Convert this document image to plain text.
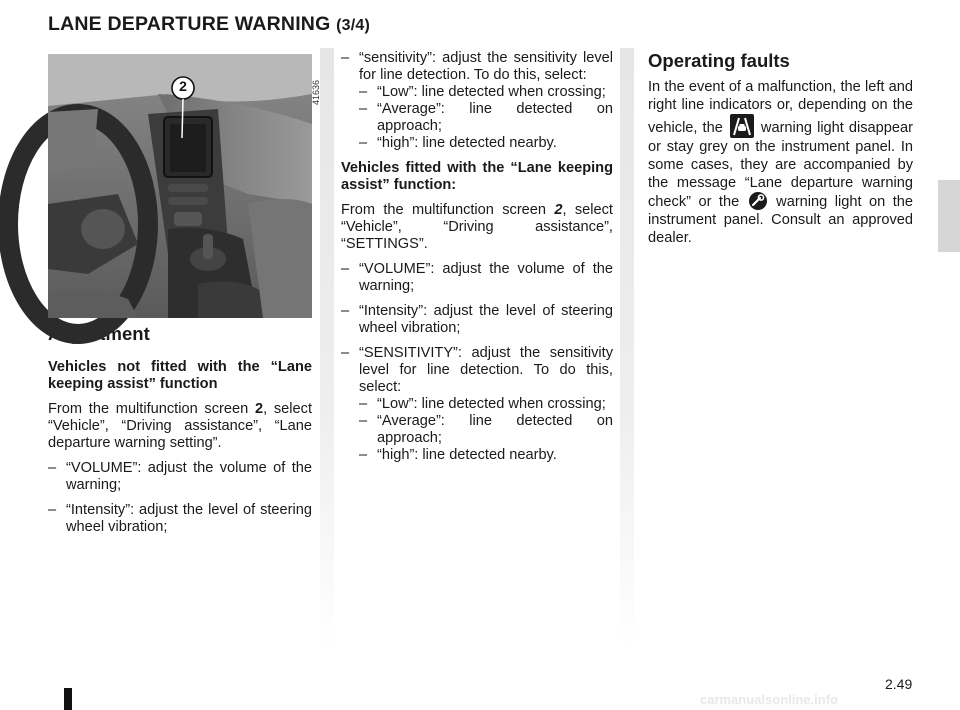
LANE DEPARTURE WARNING (3/4)
2	41636
Adjustment

Vehicles not fitted with the “Lane keeping assist” function

From the multifunction screen 2, select “Vehicle”, “Driving assistance”, “Lane departure warning setting”.

– “VOLUME”: adjust the volume of the warning;
– “Intensity”: adjust the level of steering wheel vibration;
– “sensitivity”: adjust the sensitivity level for line detection. To do this, select:
– “Low”: line detected when crossing;
– “Average”: line detected on approach;
– “high”: line detected nearby.

Vehicles fitted with the “Lane keeping assist” function:

From the multifunction screen 2, select “Vehicle”, “Driving assistance”, “SETTINGS”.

– “VOLUME”: adjust the volume of the warning;
– “Intensity”: adjust the level of steering wheel vibration;
– “SENSITIVITY”: adjust the sensitivity level for line detection. To do this, select:
– “Low”: line detected when crossing;
– “Average”: line detected on approach;
– “high”: line detected nearby.
Operating faults

In the event of a malfunction, the left and right line indicators or, depending on the vehicle, the	warning light disappear or stay grey on the instrument panel. In some cases, they are accompanied by the message “Lane departure warning check” or the	warning light on the instrument panel. Consult an approved dealer.

2.49
carmanualsonline.info
